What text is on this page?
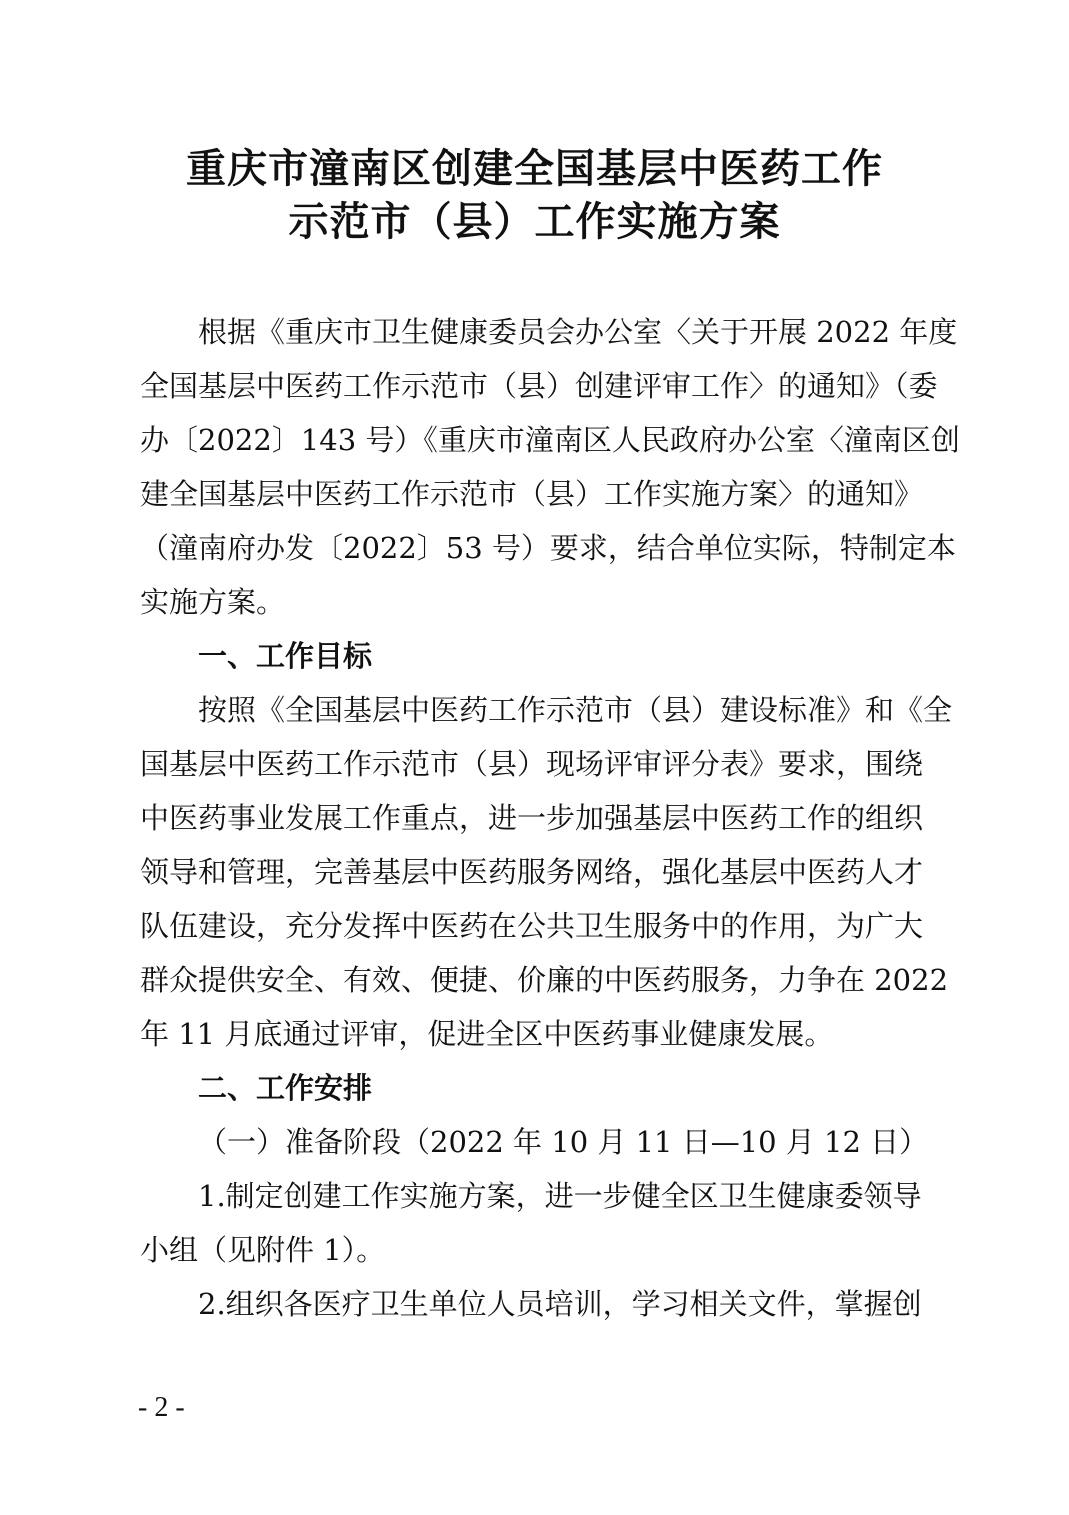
重庆市潼南区创建全国基层中医药工作
示范市（县）工作实施方案
根据《重庆市卫生健康委员会办公室〈关于开展 2022 年度
全国基层中医药工作示范市（县）创建评审工作〉的通知》（委
办〔2022〕143 号）《重庆市潼南区人民政府办公室〈潼南区创
建全国基层中医药工作示范市（县）工作实施方案〉的通知》
（潼南府办发〔2022〕53 号）要求，结合单位实际，特制定本
实施方案。
一、工作目标
按照《全国基层中医药工作示范市（县）建设标准》和《全
国基层中医药工作示范市（县）现场评审评分表》要求，围绕
中医药事业发展工作重点，进一步加强基层中医药工作的组织
领导和管理，完善基层中医药服务网络，强化基层中医药人才
队伍建设，充分发挥中医药在公共卫生服务中的作用，为广大
群众提供安全、有效、便捷、价廉的中医药服务，力争在 2022
年 11 月底通过评审，促进全区中医药事业健康发展。
二、工作安排
（一）准备阶段（2022 年 10 月 11 日—10 月 12 日）
1.制定创建工作实施方案，进一步健全区卫生健康委领导
小组（见附件 1）。
2.组织各医疗卫生单位人员培训，学习相关文件，掌握创
- 2 -
